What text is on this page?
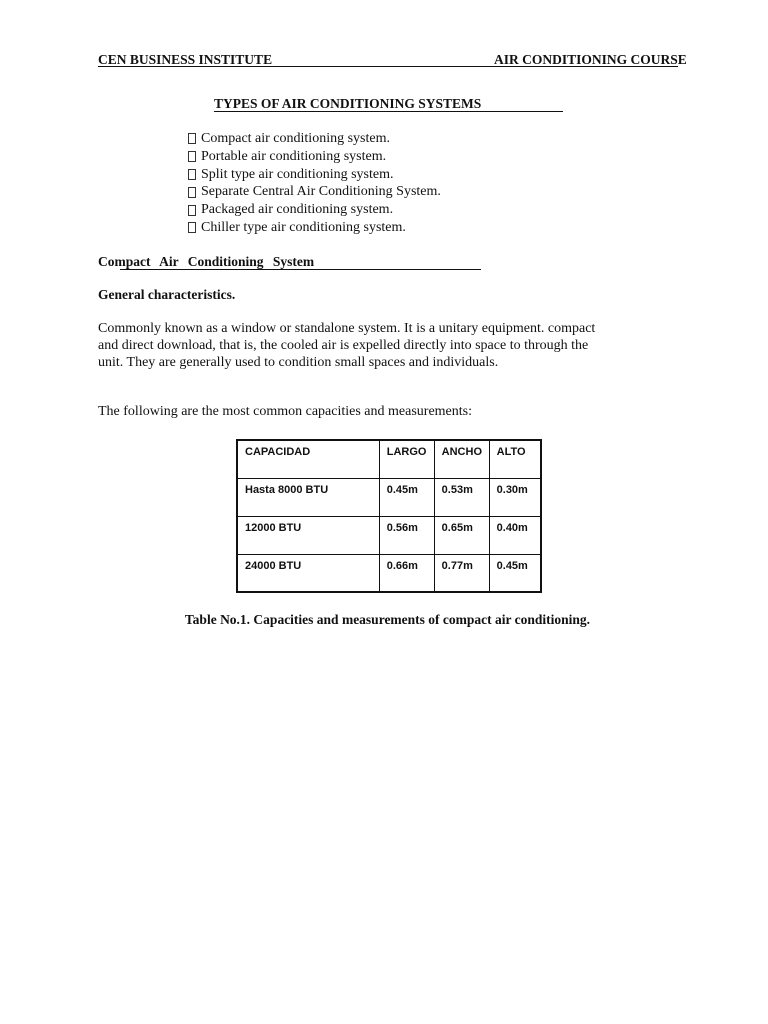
CEN BUSINESS INSTITUTE	AIR CONDITIONING COURSE
TYPES OF AIR CONDITIONING SYSTEMS
Compact air conditioning system.
Portable air conditioning system.
Split type air conditioning system.
Separate Central Air Conditioning System.
Packaged air conditioning system.
Chiller type air conditioning system.
Compact Air Conditioning System
General characteristics.

Commonly known as a window or standalone system. It is a unitary equipment. compact and direct download, that is, the cooled air is expelled directly into space to through the unit. They are generally used to condition small spaces and individuals.

The following are the most common capacities and measurements:

CAPACIDAD	LARGO	ANCHO	ALTO
Hasta 8000 BTU	0.45m	0.53m	0.30m
12000 BTU	0.56m	0.65m	0.40m
24000 BTU	0.66m	0.77m	0.45m
Table No.1. Capacities and measurements of compact air conditioning.
